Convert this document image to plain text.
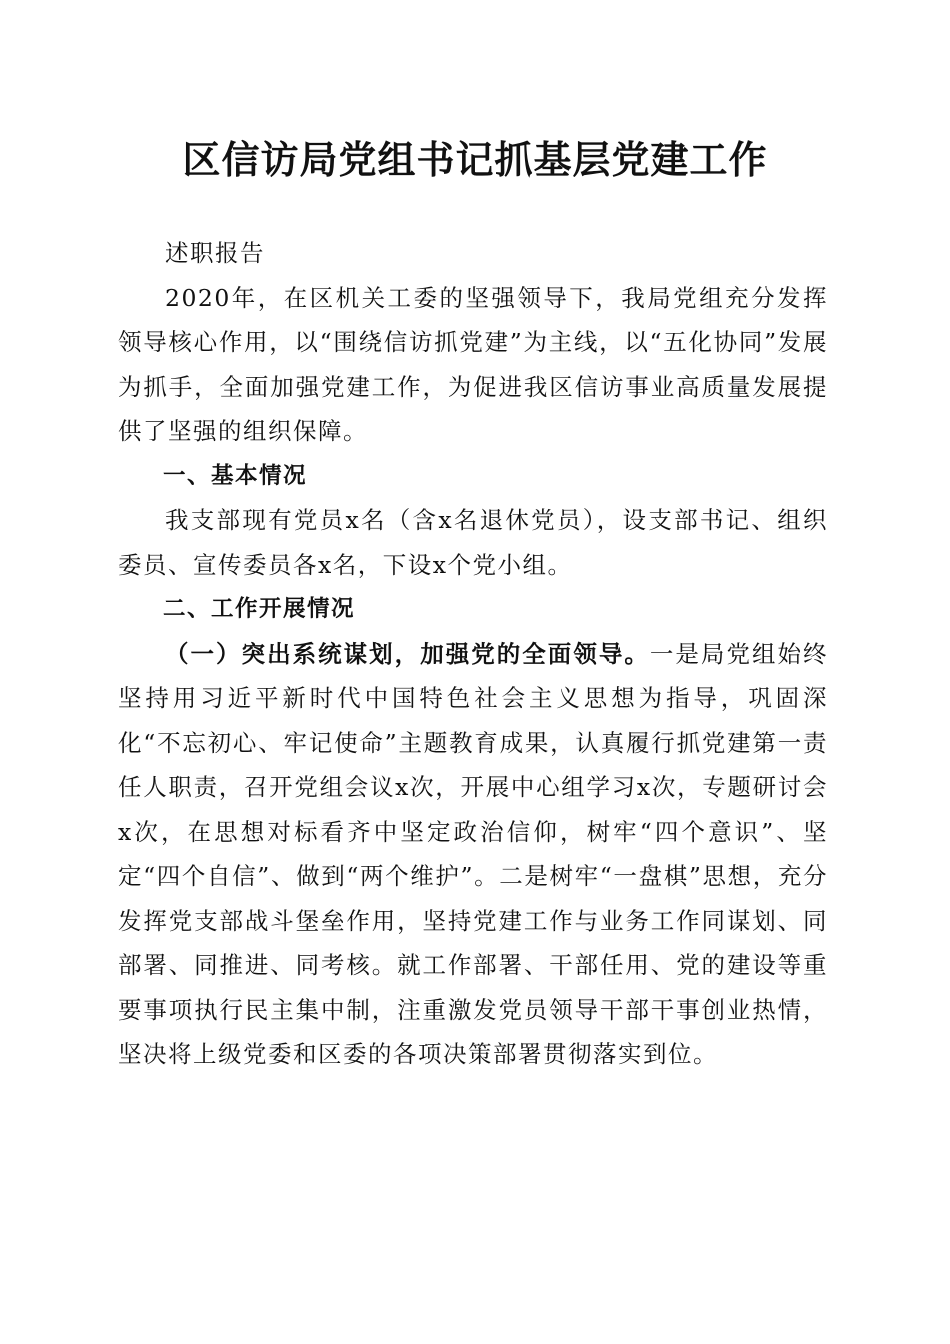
区信访局党组书记抓基层党建工作

述职报告

2020年，在区机关工委的坚强领导下，我局党组充分发挥领导核心作用，以“围绕信访抓党建”为主线，以“五化协同”发展为抓手，全面加强党建工作，为促进我区信访事业高质量发展提供了坚强的组织保障。

一、基本情况

我支部现有党员x名（含x名退休党员），设支部书记、组织委员、宣传委员各x名，下设x个党小组。

二、工作开展情况

（一）突出系统谋划，加强党的全面领导。一是局党组始终坚持用习近平新时代中国特色社会主义思想为指导，巩固深化“不忘初心、牢记使命”主题教育成果，认真履行抓党建第一责任人职责，召开党组会议x次，开展中心组学习x次，专题研讨会x次，在思想对标看齐中坚定政治信仰，树牢“四个意识”、坚定“四个自信”、做到“两个维护”。二是树牢“一盘棋”思想，充分发挥党支部战斗堡垒作用，坚持党建工作与业务工作同谋划、同部署、同推进、同考核。就工作部署、干部任用、党的建设等重要事项执行民主集中制，注重激发党员领导干部干事创业热情，坚决将上级党委和区委的各项决策部署贯彻落实到位。
